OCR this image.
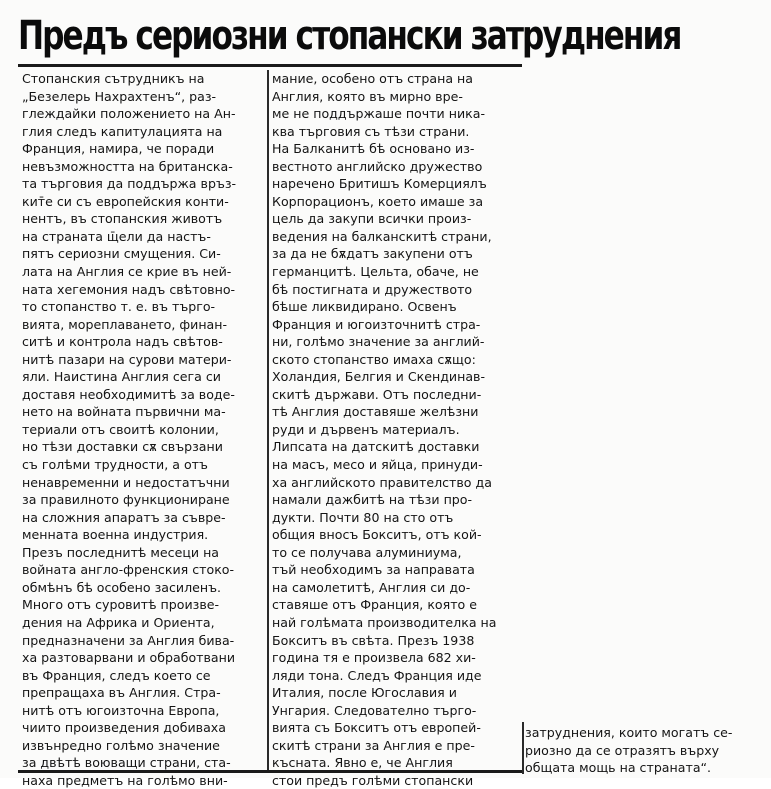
Предъ сериозни стопански затруднения
Стопанския сътрудникъ на
„Безелерь Нахрахтенъ“, раз-
глеждайки положението на Ан-
глия следъ капитулацията на
Франция, намира, че поради
невъзможността на британска-
та търговия да поддържа връз-
кит̄е си съ европейския конти-
нентъ, въ стопанския животъ
на страната щ̄ели да настъ-
пятъ сериозни смущения. Си-
лата на Англия се крие въ ней-
ната хегемония надъ свѣтовно-
то стопанство т. е. въ търго-
вията, мореплаването, финан-
ситѣ и контрола надъ свѣтов-
нитѣ пазари на сурови матери-
яли. Наистина Англия сега си
доставя необходимитѣ за воде-
нето на войната първични ма-
териали отъ своитѣ колонии,
но тѣзи доставки сѫ свързани
съ голѣми трудности, а отъ
ненавременни и недостатъчни
за правилното функциониране
на сложния апаратъ за съвре-
менната военна индустрия.
Презъ последнитѣ месеци на
войната англо-френския стоко-
обмѣнъ бѣ особено засиленъ.
Много отъ суровитѣ произве-
дения на Африка и Ориента,
предназначени за Англия бива-
ха разтоварвани и обработвани
въ Франция, следъ което се
препращаха въ Англия. Стра-
нитѣ отъ югоизточна Европа,
чиито произведения добиваха
извънредно голѣмо значение
за двѣтѣ воюващи страни, ста-
наха предметъ на голѣмо вни-
мание, особено отъ страна на
Англия, която въ мирно вре-
ме не поддържаше почти ника-
ква търговия съ тѣзи страни.
На Балканитѣ бѣ основано из-
вестното английско дружество
наречено Бритишъ Комерциялъ
Корпорационъ, което имаше за
цель да закупи всички произ-
ведения на балканскитѣ страни,
за да не бѫдатъ закупени отъ
германцитѣ. Цельта, обаче, не
бѣ постигната и дружеството
бѣше ликвидирано. Освенъ
Франция и югоизточнитѣ стра-
ни, голѣмо значение за англий-
ското стопанство имаха сѫщо:
Холандия, Белгия и Скендинав-
скитѣ държави. Отъ последни-
тѣ Англия доставяше желѣзни
руди и дървенъ материалъ.
Липсата на датскитѣ доставки
на масъ, месо и яйца, принуди-
ха английското правителство да
намали дажбитѣ на тѣзи про-
дукти. Почти 80 на сто отъ
общия вносъ Бокситъ, отъ кой-
то се получава алуминиума,
тъй необходимъ за направата
на самолетитѣ, Англия си до-
ставяше отъ Франция, която е
най голѣмата производителка на
Бокситъ въ свѣта. Презъ 1938
година тя е произвела 682 хи-
ляди тона. Следъ Франция иде
Италия, после Югославия и
Унгария. Следователно търго-
вията съ Бокситъ отъ европей-
скитѣ страни за Англия е пре-
късната. Явно е, че Англия
стои предъ голѣми стопански
затруднения, които могатъ се-
риозно да се отразятъ върху
общата мощь на страната“.
